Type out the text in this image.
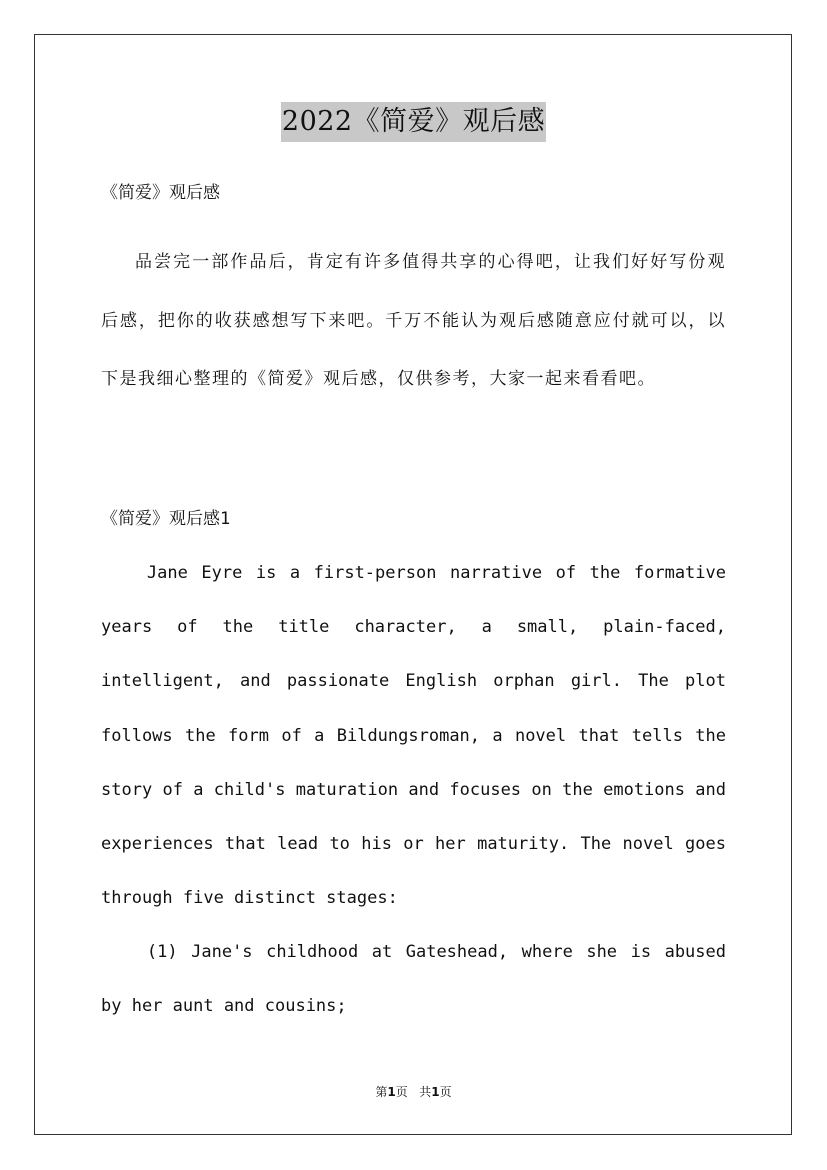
2022《简爱》观后感
《简爱》观后感
品尝完一部作品后，肯定有许多值得共享的心得吧，让我们好好写份观后感，把你的收获感想写下来吧。千万不能认为观后感随意应付就可以，以下是我细心整理的《简爱》观后感，仅供参考，大家一起来看看吧。
《简爱》观后感1
Jane Eyre is a first-person narrative of the formative years of the title character, a small, plain-faced, intelligent, and passionate English orphan girl. The plot follows the form of a Bildungsroman, a novel that tells the story of a child's maturation and focuses on the emotions and experiences that lead to his or her maturity. The novel goes through five distinct stages:
(1) Jane's childhood at Gateshead, where she is abused by her aunt and cousins;
第1页 共1页
